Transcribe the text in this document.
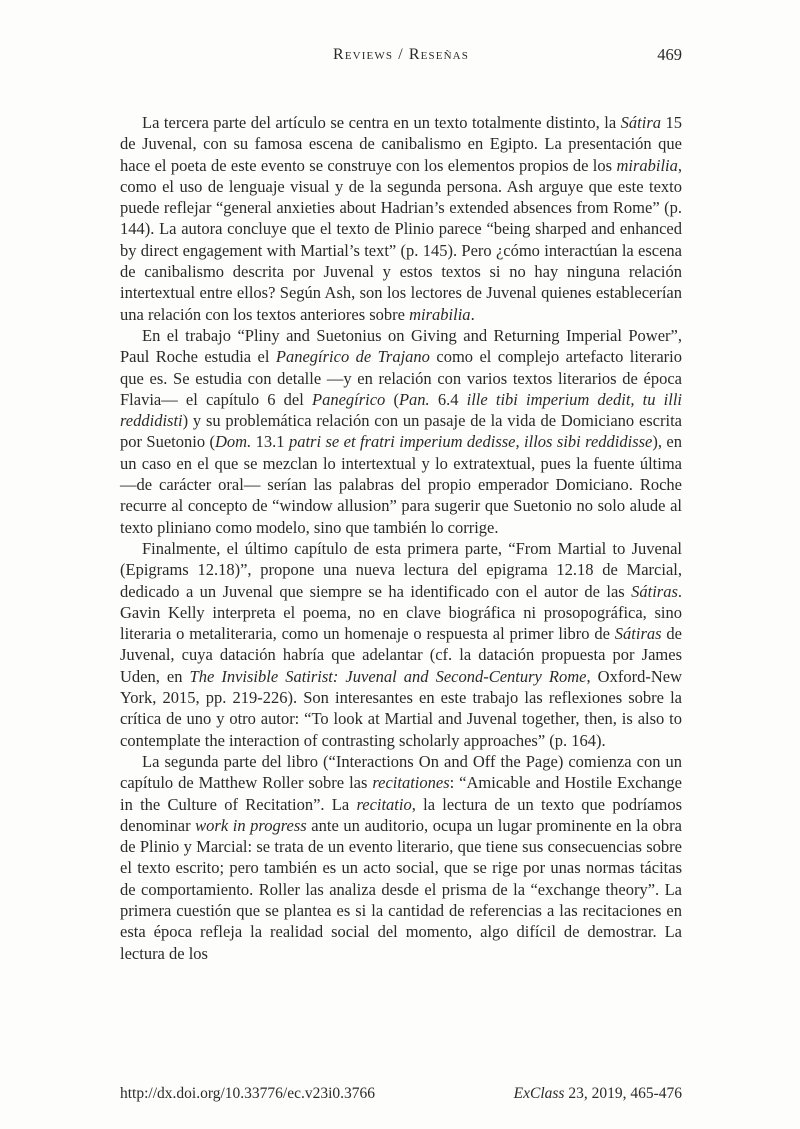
Reviews / Reseñas	469

La tercera parte del artículo se centra en un texto totalmente distinto, la Sátira 15 de Juvenal, con su famosa escena de canibalismo en Egipto. La presentación que hace el poeta de este evento se construye con los elementos propios de los mirabilia, como el uso de lenguaje visual y de la segunda persona. Ash arguye que este texto puede reflejar “general anxieties about Hadrian’s extended absences from Rome” (p. 144). La autora concluye que el texto de Plinio parece “being sharped and enhanced by direct engagement with Martial’s text” (p. 145). Pero ¿cómo interactúan la escena de canibalismo descrita por Juvenal y estos textos si no hay ninguna relación intertextual entre ellos? Según Ash, son los lectores de Juvenal quienes establecerían una relación con los textos anteriores sobre mirabilia.

En el trabajo “Pliny and Suetonius on Giving and Returning Imperial Power”, Paul Roche estudia el Panegírico de Trajano como el complejo artefacto literario que es. Se estudia con detalle —y en relación con varios textos literarios de época Flavia— el capítulo 6 del Panegírico (Pan. 6.4 ille tibi imperium dedit, tu illi reddidisti) y su problemática relación con un pasaje de la vida de Domiciano escrita por Suetonio (Dom. 13.1 patri se et fratri imperium dedisse, illos sibi reddidisse), en un caso en el que se mezclan lo intertextual y lo extratextual, pues la fuente última —de carácter oral— serían las palabras del propio emperador Domiciano. Roche recurre al concepto de “window allusion” para sugerir que Suetonio no solo alude al texto pliniano como modelo, sino que también lo corrige.

Finalmente, el último capítulo de esta primera parte, “From Martial to Juvenal (Epigrams 12.18)”, propone una nueva lectura del epigrama 12.18 de Marcial, dedicado a un Juvenal que siempre se ha identificado con el autor de las Sátiras. Gavin Kelly interpreta el poema, no en clave biográfica ni prosopográfica, sino literaria o metaliteraria, como un homenaje o respuesta al primer libro de Sátiras de Juvenal, cuya datación habría que adelantar (cf. la datación propuesta por James Uden, en The Invisible Satirist: Juvenal and Second-Century Rome, Oxford-New York, 2015, pp. 219-226). Son interesantes en este trabajo las reflexiones sobre la crítica de uno y otro autor: “To look at Martial and Juvenal together, then, is also to contemplate the interaction of contrasting scholarly approaches” (p. 164).

La segunda parte del libro (“Interactions On and Off the Page) comienza con un capítulo de Matthew Roller sobre las recitationes: “Amicable and Hostile Exchange in the Culture of Recitation”. La recitatio, la lectura de un texto que podríamos denominar work in progress ante un auditorio, ocupa un lugar prominente en la obra de Plinio y Marcial: se trata de un evento literario, que tiene sus consecuencias sobre el texto escrito; pero también es un acto social, que se rige por unas normas tácitas de comportamiento. Roller las analiza desde el prisma de la “exchange theory”. La primera cuestión que se plantea es si la cantidad de referencias a las recitaciones en esta época refleja la realidad social del momento, algo difícil de demostrar. La lectura de los

http://dx.doi.org/10.33776/ec.v23i0.3766	ExClass 23, 2019, 465-476
